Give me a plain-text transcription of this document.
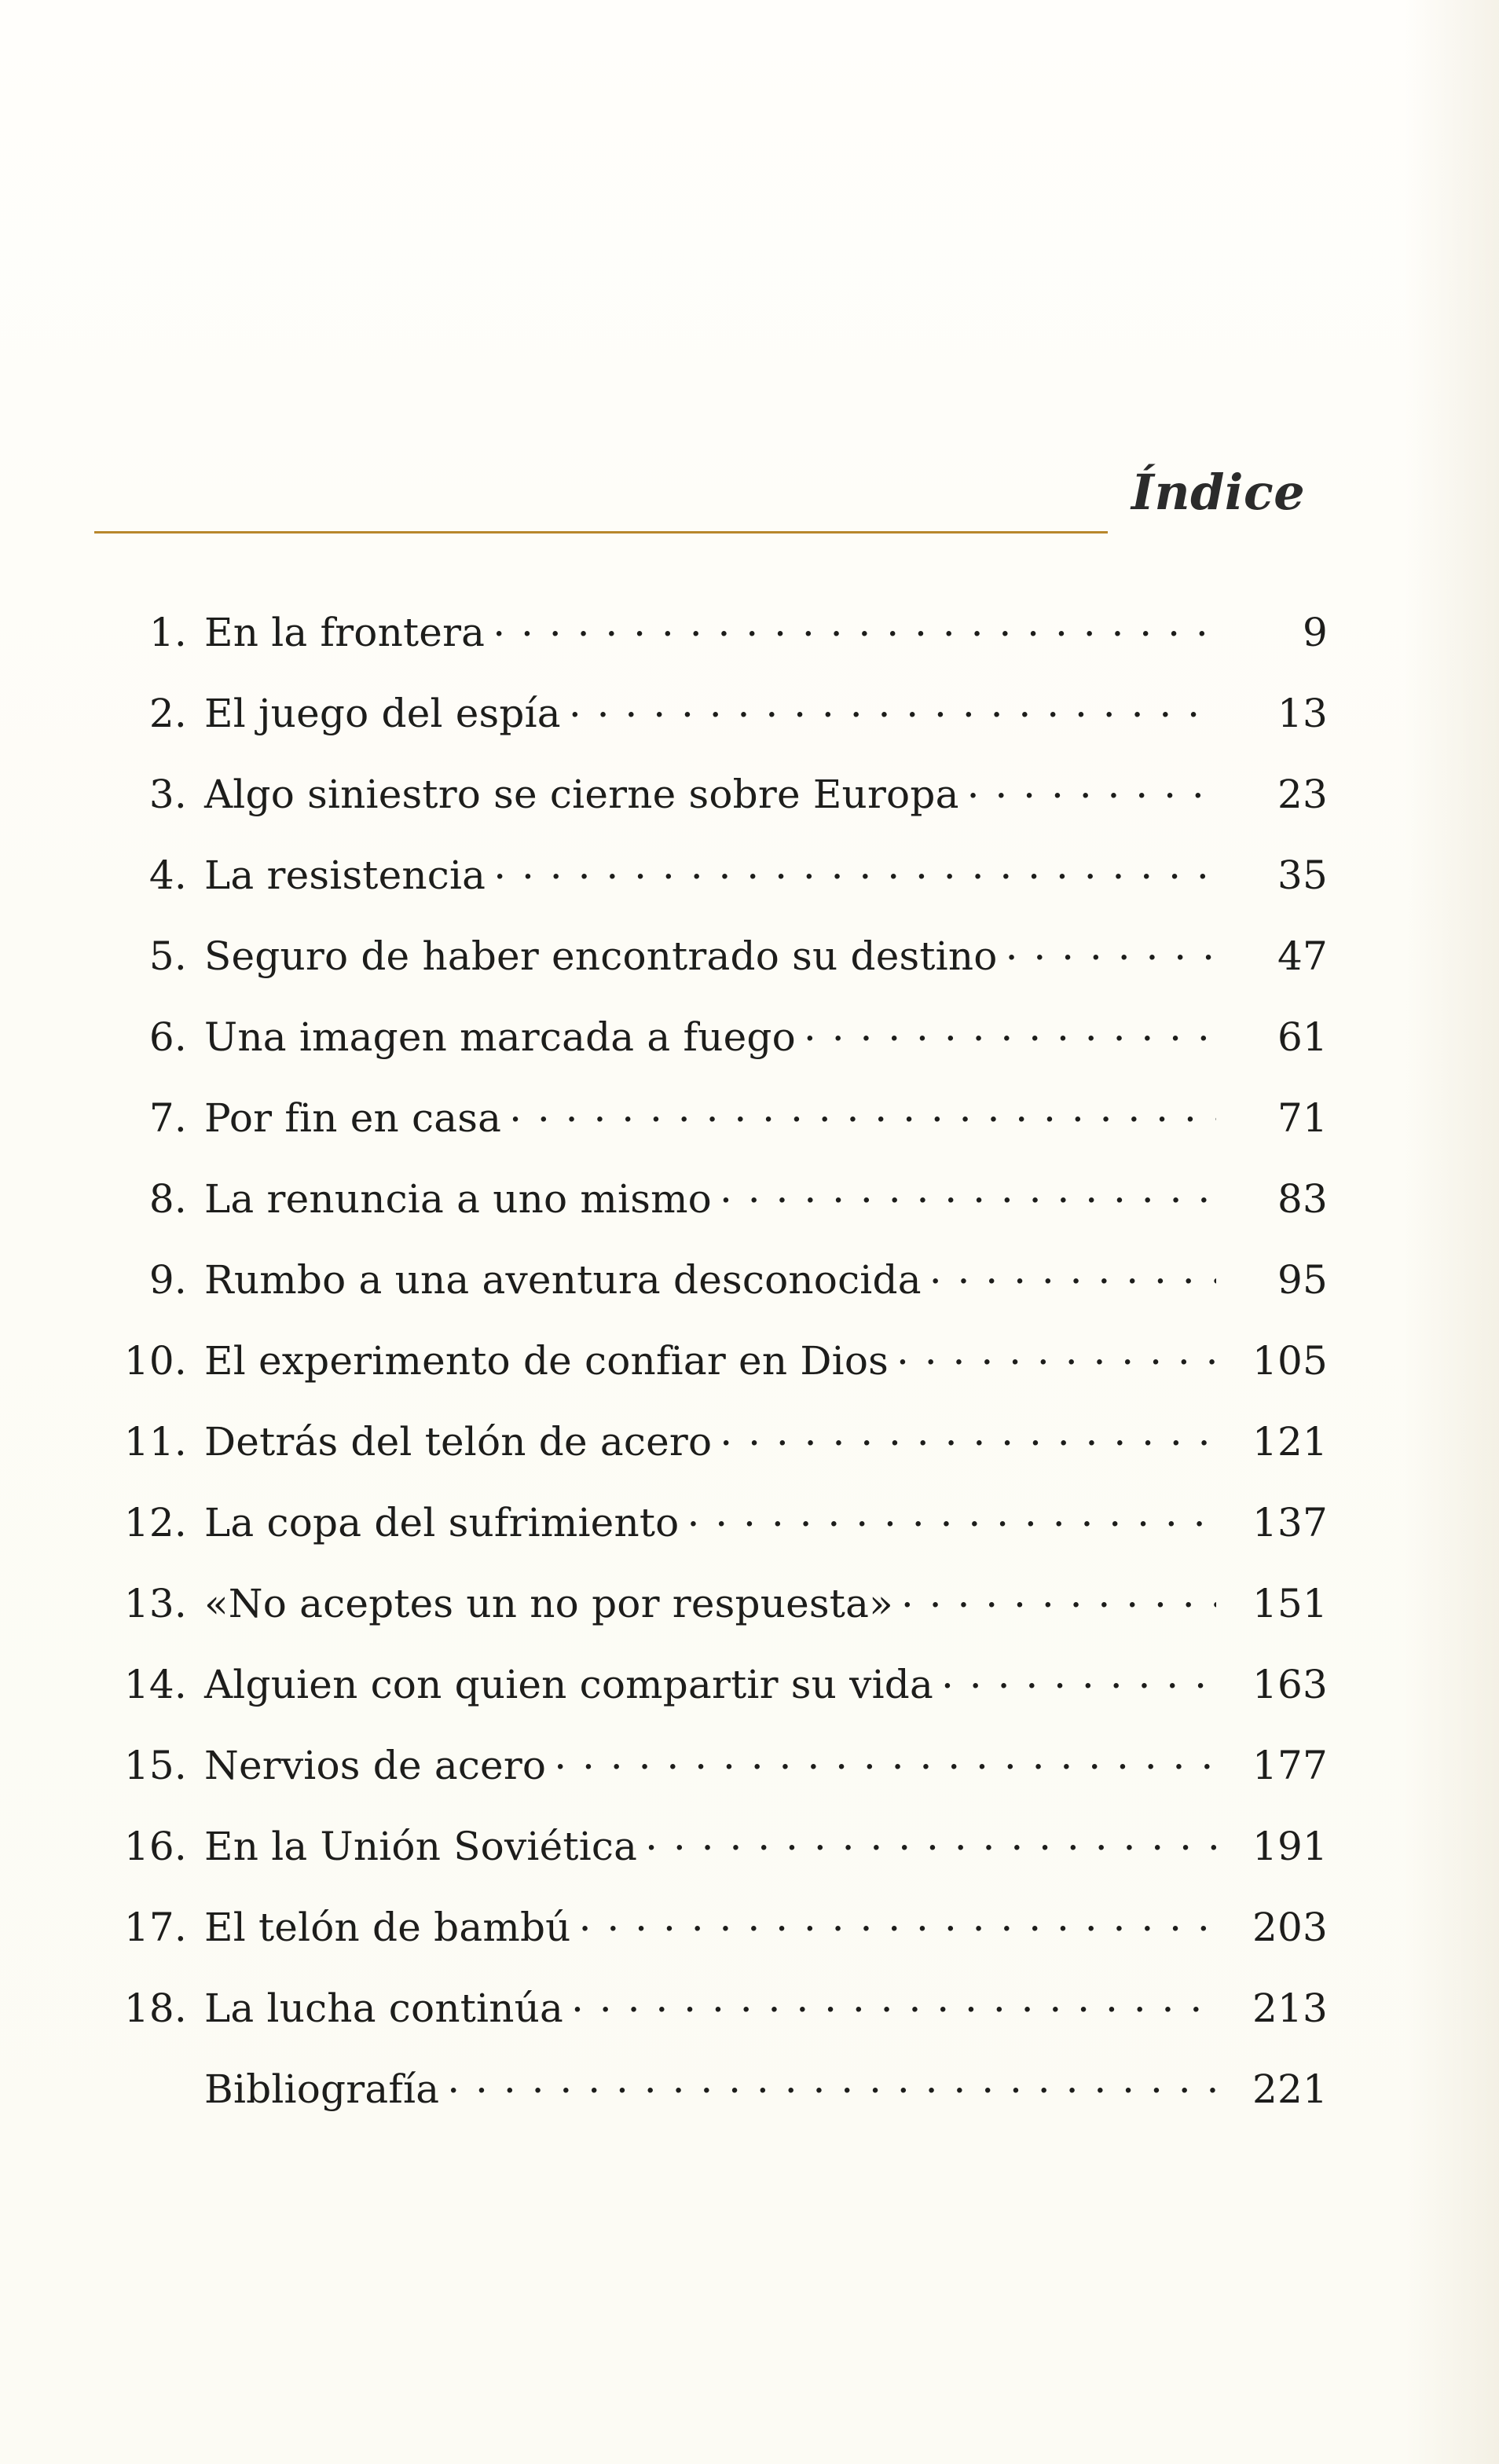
Índice
1. En la frontera . . .	9
2. El juego del espía . . .	13
3. Algo siniestro se cierne sobre Europa . . .	23
4. La resistencia . . .	35
5. Seguro de haber encontrado su destino . . .	47
6. Una imagen marcada a fuego . . .	61
7. Por fin en casa . . .	71
8. La renuncia a uno mismo . . .	83
9. Rumbo a una aventura desconocida . . .	95
10. El experimento de confiar en Dios . . .	105
11. Detrás del telón de acero . . .	121
12. La copa del sufrimiento . . .	137
13. «No aceptes un no por respuesta» . . .	151
14. Alguien con quien compartir su vida . . .	163
15. Nervios de acero . . .	177
16. En la Unión Soviética . . .	191
17. El telón de bambú . . .	203
18. La lucha continúa . . .	213
Bibliografía . . .	221
